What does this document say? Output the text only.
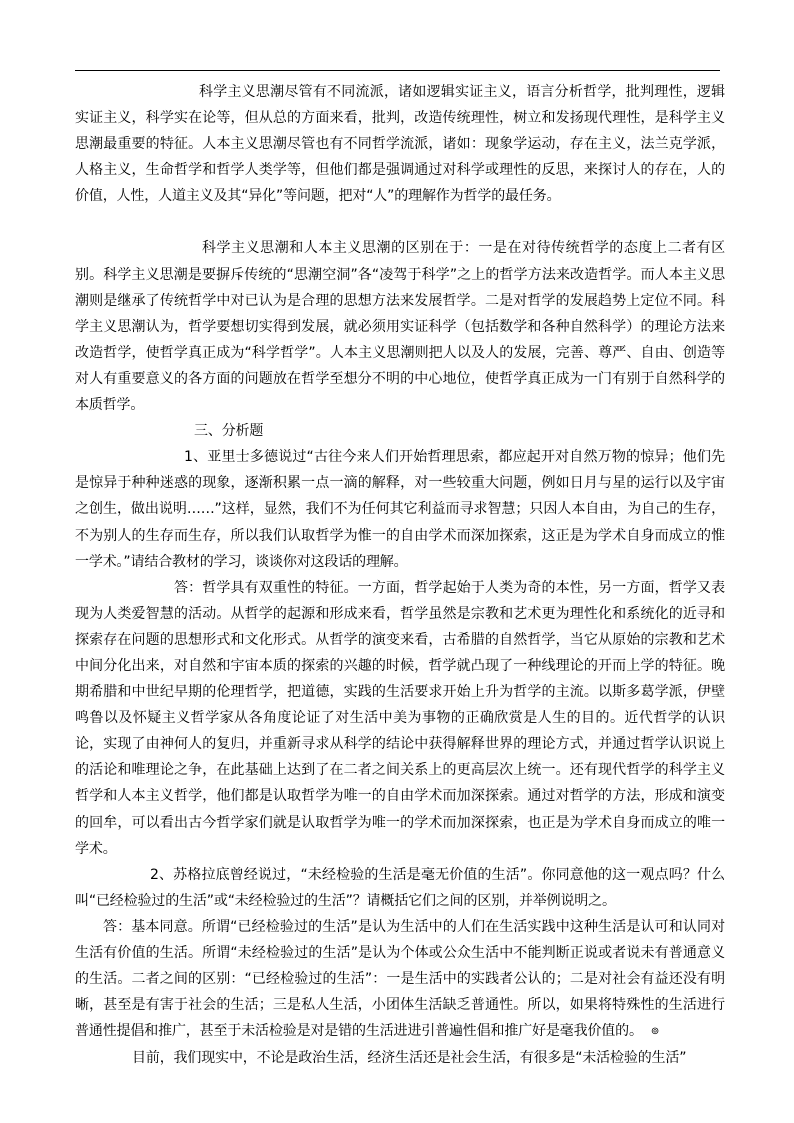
科学主义思潮尽管有不同流派，诸如逻辑实证主义，语言分析哲学，批判理性，逻辑实证主义，科学实在论等，但从总的方面来看，批判，改造传统理性，树立和发扬现代理性，是科学主义思潮最重要的特征。人本主义思潮尽管也有不同哲学流派，诸如：现象学运动，存在主义，法兰克学派，人格主义，生命哲学和哲学人类学等，但他们都是强调通过对科学或理性的反思，来探讨人的存在，人的价值，人性，人道主义及其“异化”等问题，把对“人”的理解作为哲学的最任务。

科学主义思潮和人本主义思潮的区别在于：一是在对待传统哲学的态度上二者有区别。科学主义思潮是要摒斥传统的“思潮空洞”各“凌驾于科学”之上的哲学方法来改造哲学。而人本主义思潮则是继承了传统哲学中对已认为是合理的思想方法来发展哲学。二是对哲学的发展趋势上定位不同。科学主义思潮认为，哲学要想切实得到发展，就必须用实证科学（包括数学和各种自然科学）的理论方法来改造哲学，使哲学真正成为“科学哲学”。人本主义思潮则把人以及人的发展，完善、尊严、自由、创造等对人有重要意义的各方面的问题放在哲学至想分不明的中心地位，使哲学真正成为一门有别于自然科学的本质哲学。

三、分析题

1、亚里士多德说过“古往今来人们开始哲理思索，都应起开对自然万物的惊异；他们先是惊异于种种迷惑的现象，逐渐积累一点一滴的解释，对一些较重大问题，例如日月与星的运行以及宇宙之创生，做出说明……”这样，显然，我们不为任何其它利益而寻求智慧；只因人本自由，为自己的生存，不为别人的生存而生存，所以我们认取哲学为惟一的自由学术而深加探索，这正是为学术自身而成立的惟一学术。”请结合教材的学习，谈谈你对这段话的理解。

答：哲学具有双重性的特征。一方面，哲学起始于人类为奇的本性，另一方面，哲学又表现为人类爱智慧的活动。从哲学的起源和形成来看，哲学虽然是宗教和艺术更为理性化和系统化的近寻和探索存在问题的思想形式和文化形式。从哲学的演变来看，古希腊的自然哲学，当它从原始的宗教和艺术中间分化出来，对自然和宇宙本质的探索的兴趣的时候，哲学就凸现了一种线理论的开而上学的特征。晚期希腊和中世纪早期的伦理哲学，把道德，实践的生活要求开始上升为哲学的主流。以斯多葛学派，伊壁鸣鲁以及怀疑主义哲学家从各角度论证了对生活中美为事物的正确欣赏是人生的目的。近代哲学的认识论，实现了由神何人的复归，并重新寻求从科学的结论中获得解释世界的理论方式，并通过哲学认识说上的活论和唯理论之争，在此基础上达到了在二者之间关系上的更高层次上统一。还有现代哲学的科学主义哲学和人本主义哲学，他们都是认取哲学为唯一的自由学术而加深探索。通过对哲学的方法，形成和演变的回牟，可以看出古今哲学家们就是认取哲学为唯一的学术而加深探索，也正是为学术自身而成立的唯一学术。

2、苏格拉底曾经说过，“未经检验的生活是毫无价值的生活”。你同意他的这一观点吗？什么叫“已经检验过的生活”或“未经检验过的生活”？请概括它们之间的区别，并举例说明之。

答：基本同意。所谓“已经检验过的生活”是认为生活中的人们在生活实践中这种生活是认可和认同对生活有价值的生活。所谓“未经检验过的生活”是认为个体或公众生活中不能判断正说或者说未有普通意义的生活。二者之间的区别：“已经检验过的生活”：一是生活中的实践者公认的；二是对社会有益还没有明晰，甚至是有害于社会的生活；三是私人生活，小团体生活缺乏普通性。所以，如果将特殊性的生活进行普通性提倡和推广，甚至于未活检验是对是错的生活进进引普遍性倡和推广好是毫我价值的。 ⊚

目前，我们现实中，不论是政治生活，经济生活还是社会生活，有很多是“未活检验的生活”
